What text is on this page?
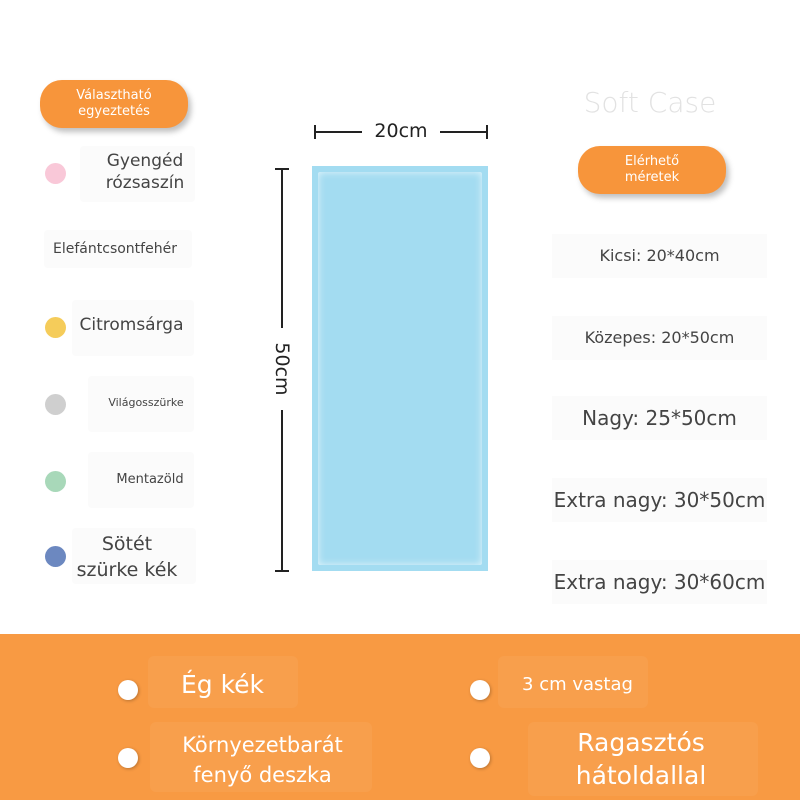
Választható
egyeztetés	Soft Case
Elérhető
méretek
Gyengéd
rózsaszín
Elefántcsontfehér
Citromsárga
Világosszürke
Mentazöld
Sötét
szürke kék
20cm
50cm
Kicsi: 20*40cm
Közepes: 20*50cm
Nagy: 25*50cm
Extra nagy: 30*50cm
Extra nagy: 30*60cm
Ég kék	3 cm vastag
Környezetbarát
fenyő deszka
Ragasztós
hátoldallal
